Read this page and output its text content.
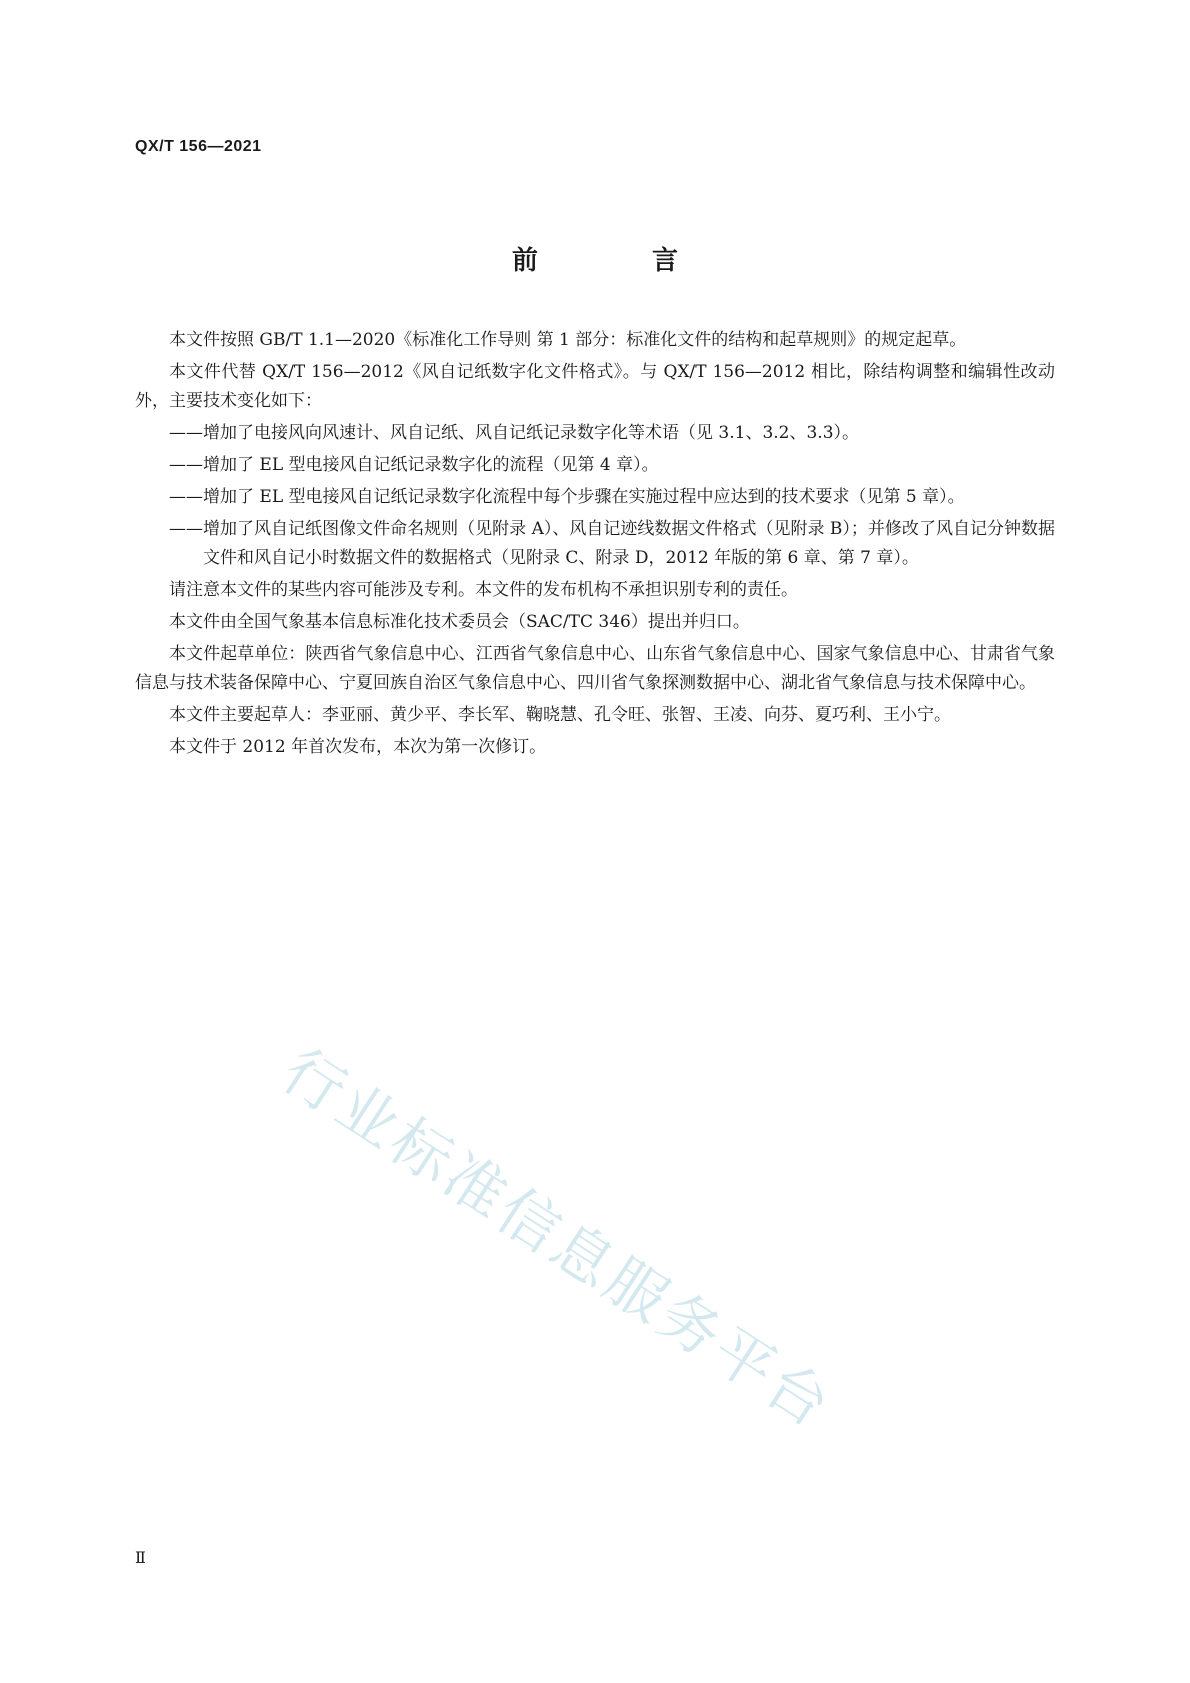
QX/T 156—2021
前　言

本文件按照 GB/T 1.1—2020《标准化工作导则 第 1 部分：标准化文件的结构和起草规则》的规定起草。

本文件代替 QX/T 156—2012《风自记纸数字化文件格式》。与 QX/T 156—2012 相比，除结构调整和编辑性改动外，主要技术变化如下：

——增加了电接风向风速计、风自记纸、风自记纸记录数字化等术语（见 3.1、3.2、3.3）。

——增加了 EL 型电接风自记纸记录数字化的流程（见第 4 章）。

——增加了 EL 型电接风自记纸记录数字化流程中每个步骤在实施过程中应达到的技术要求（见第 5 章）。

——增加了风自记纸图像文件命名规则（见附录 A）、风自记迹线数据文件格式（见附录 B）；并修改了风自记分钟数据文件和风自记小时数据文件的数据格式（见附录 C、附录 D，2012 年版的第 6 章、第 7 章）。

请注意本文件的某些内容可能涉及专利。本文件的发布机构不承担识别专利的责任。

本文件由全国气象基本信息标准化技术委员会（SAC/TC 346）提出并归口。

本文件起草单位：陕西省气象信息中心、江西省气象信息中心、山东省气象信息中心、国家气象信息中心、甘肃省气象信息与技术装备保障中心、宁夏回族自治区气象信息中心、四川省气象探测数据中心、湖北省气象信息与技术保障中心。

本文件主要起草人：李亚丽、黄少平、李长军、鞠晓慧、孔令旺、张智、王凌、向芬、夏巧利、王小宁。

本文件于 2012 年首次发布，本次为第一次修订。

行业标准信息服务平台
Ⅱ
